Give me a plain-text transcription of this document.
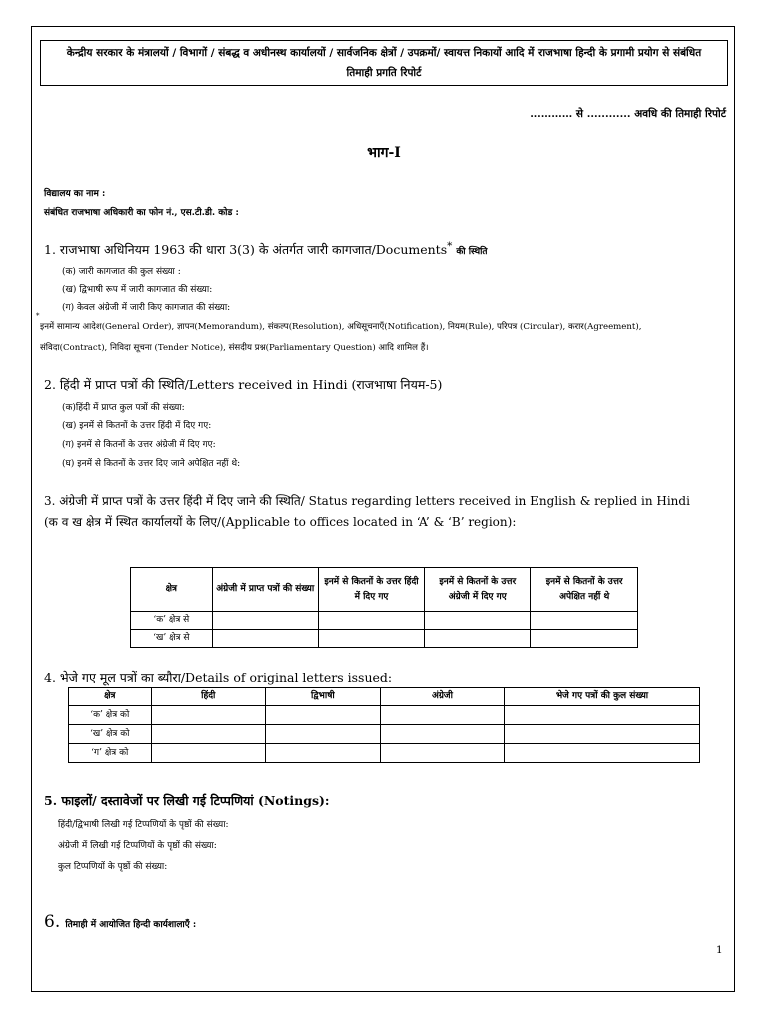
केन्द्रीय सरकार के मंत्रालयों / विभागों / संबद्ध व अधीनस्थ कार्यालयों / सार्वजनिक क्षेत्रों / उपक्रमों/ स्वायत्त निकायों आदि में राजभाषा हिन्दी के प्रगामी प्रयोग से संबंधित
तिमाही प्रगति रिपोर्ट
………… से ............ अवधि की तिमाही रिपोर्ट
भाग-I
विद्यालय का नाम :
संबंधित राजभाषा अधिकारी का फोन नं., एस.टी.डी. कोड :
1. राजभाषा अधिनियम 1963 की धारा 3(3) के अंतर्गत जारी कागजात/Documents* की स्थिति
(क) जारी कागजात की कुल संख्या :
(ख) द्विभाषी रूप में जारी कागजात की संख्या:
(ग) केवल अंग्रेजी में जारी किए कागजात की संख्या:
*
इनमें सामान्य आदेश(General Order), ज्ञापन(Memorandum), संकल्प(Resolution), अधिसूचनाएँ(Notification), नियम(Rule), परिपत्र (Circular), करार(Agreement),
संविदा(Contract), निविदा सूचना (Tender Notice), संसदीय प्रश्न(Parliamentary Question) आदि शामिल हैं।
2. हिंदी में प्राप्त पत्रों की स्थिति/Letters received in Hindi (राजभाषा नियम-5)
(क)हिंदी में प्राप्त कुल पत्रों की संख्या:
(ख) इनमें से कितनों के उत्तर हिंदी में दिए गए:
(ग) इनमें से कितनों के उत्तर अंग्रेजी में दिए गए:
(घ) इनमें से कितनों के उत्तर दिए जाने अपेक्षित नहीं थे:
3. अंग्रेजी में प्राप्त पत्रों के उत्तर हिंदी में दिए जाने की स्थिति/ Status regarding letters received in English & replied in Hindi
(क व ख क्षेत्र में स्थित कार्यालयों के लिए/(Applicable to offices located in ‘A’ & ‘B’ region):
क्षेत्र	अंग्रेजी में प्राप्त पत्रों की संख्या	इनमें से कितनों के उत्तर हिंदी में दिए गए	इनमें से कितनों के उत्तर अंग्रेजी में दिए गए	इनमें से कितनों के उत्तर अपेक्षित नहीं थे
‘क’ क्षेत्र से				
‘ख’ क्षेत्र से				
4. भेजे गए मूल पत्रों का ब्यौरा/Details of original letters issued:
क्षेत्र	हिंदी	द्विभाषी	अंग्रेजी	भेजे गए पत्रों की कुल संख्या
‘क’ क्षेत्र को				
‘ख’ क्षेत्र को				
‘ग’ क्षेत्र को				
5. फाइलों/ दस्तावेजों पर लिखी गई टिप्पणियां (Notings):
हिंदी/द्विभाषी लिखी गई टिप्पणियों के पृष्ठों की संख्या:
अंग्रेजी में लिखी गई टिप्पणियों के पृष्ठों की संख्या:
कुल टिप्पणियों के पृष्ठों की संख्या:
6. तिमाही में आयोजित हिन्दी कार्यशालाएँ :
1
